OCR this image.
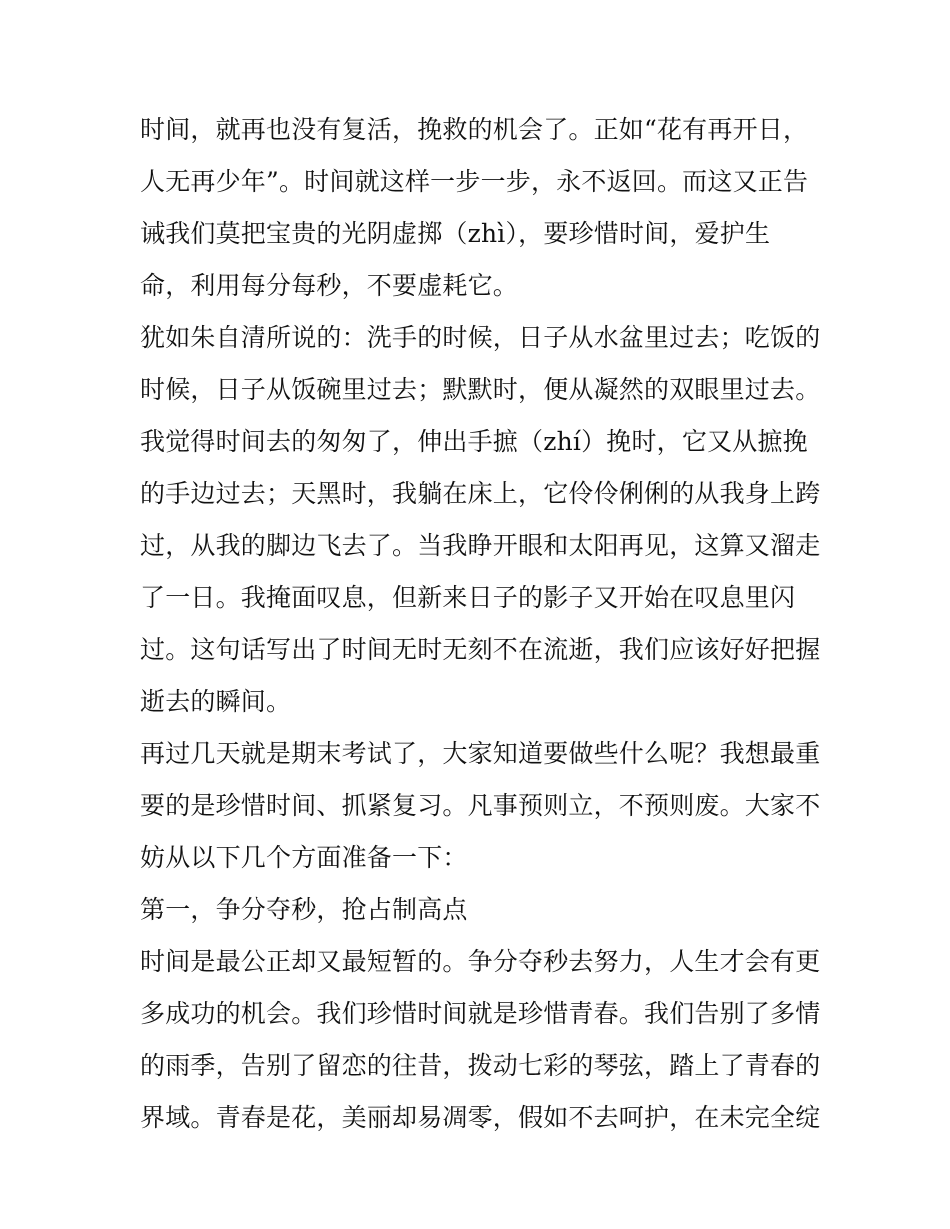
时间，就再也没有复活，挽救的机会了。正如“花有再开日，
人无再少年”。时间就这样一步一步，永不返回。而这又正告
诫我们莫把宝贵的光阴虚掷（zhì），要珍惜时间，爱护生
命，利用每分每秒，不要虚耗它。
犹如朱自清所说的：洗手的时候，日子从水盆里过去；吃饭的
时候，日子从饭碗里过去；默默时，便从凝然的双眼里过去。
我觉得时间去的匆匆了，伸出手摭（zhí）挽时，它又从摭挽
的手边过去；天黑时，我躺在床上，它伶伶俐俐的从我身上跨
过，从我的脚边飞去了。当我睁开眼和太阳再见，这算又溜走
了一日。我掩面叹息，但新来日子的影子又开始在叹息里闪
过。这句话写出了时间无时无刻不在流逝，我们应该好好把握
逝去的瞬间。
再过几天就是期末考试了，大家知道要做些什么呢？我想最重
要的是珍惜时间、抓紧复习。凡事预则立，不预则废。大家不
妨从以下几个方面准备一下：
第一，争分夺秒，抢占制高点
时间是最公正却又最短暂的。争分夺秒去努力，人生才会有更
多成功的机会。我们珍惜时间就是珍惜青春。我们告别了多情
的雨季，告别了留恋的往昔，拨动七彩的琴弦，踏上了青春的
界域。青春是花，美丽却易凋零，假如不去呵护，在未完全绽
